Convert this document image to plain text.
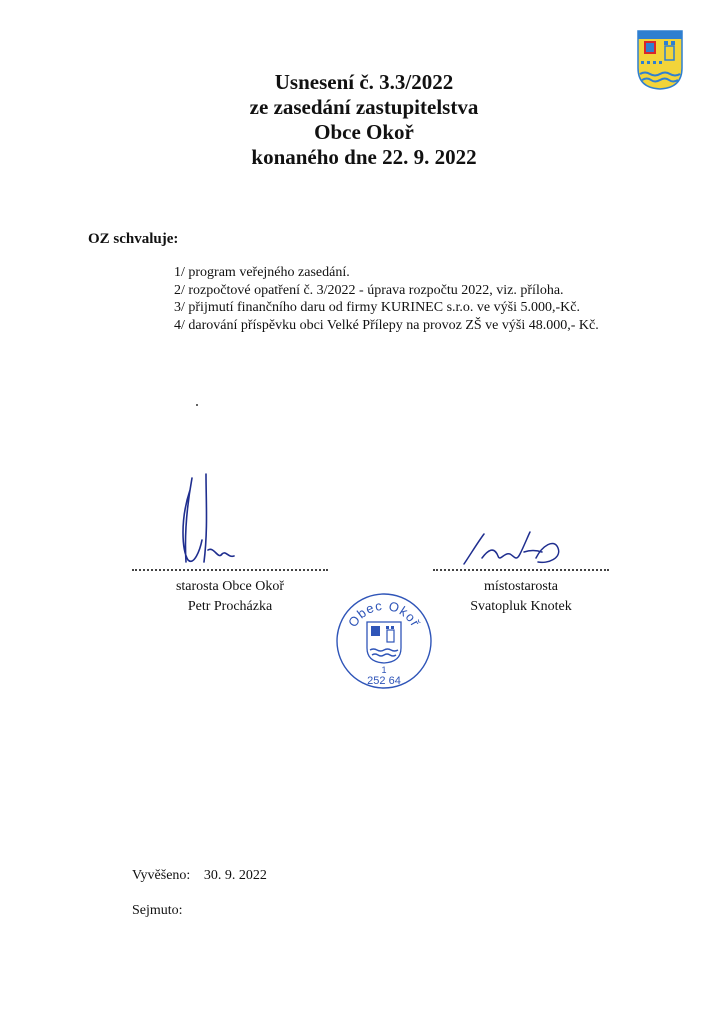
Usnesení č. 3.3/2022
ze zasedání zastupitelstva
Obce Okoř
konaného dne 22. 9. 2022
OZ schvaluje:
1/ program veřejného zasedání.
2/ rozpočtové opatření č. 3/2022 - úprava rozpočtu 2022, viz. příloha.
3/ přijmutí finančního daru od firmy KURINEC s.r.o. ve výši 5.000,-Kč.
4/ darování příspěvku obci Velké Přílepy na provoz ZŠ ve výši 48.000,- Kč.
starosta Obce Okoř
Petr Procházka
místostarosta
Svatopluk Knotek
Obec Okoř
1
252 64
Vyvěšeno: 30. 9. 2022
Sejmuto:
